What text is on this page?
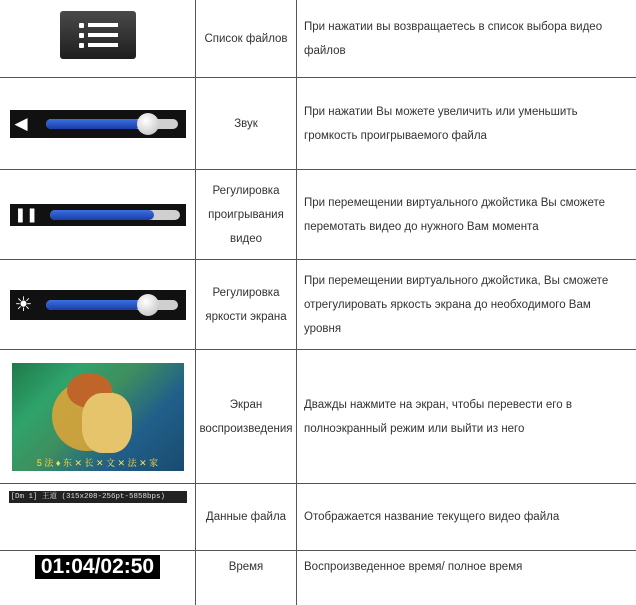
	Список файлов	При нажатии вы возвращаетесь в список выбора видео файлов

◀︎	Звук	При нажатии Вы можете увеличить или уменьшить громкость проигрываемого файла

❚❚	Регулировка проигрывания видео	При перемещении виртуального джойстика Вы сможете перемотать видео до нужного Вам момента

☀	Регулировка яркости экрана	При перемещении виртуального джойстика, Вы сможете отрегулировать яркость экрана до необходимого Вам уровня

5 法 ♦ 东 ✕ 长 ✕ 文 ✕ 法 ✕ 家	Экран воспроизведения	Дважды нажмите на экран, чтобы перевести его в полноэкранный режим или выйти из него
[Dm 1] 王道 (315x208-256pt-5858bps)	Данные файла	Отображается название текущего видео файла
01:04/02:50	Время	Воспроизведенное время/ полное время
